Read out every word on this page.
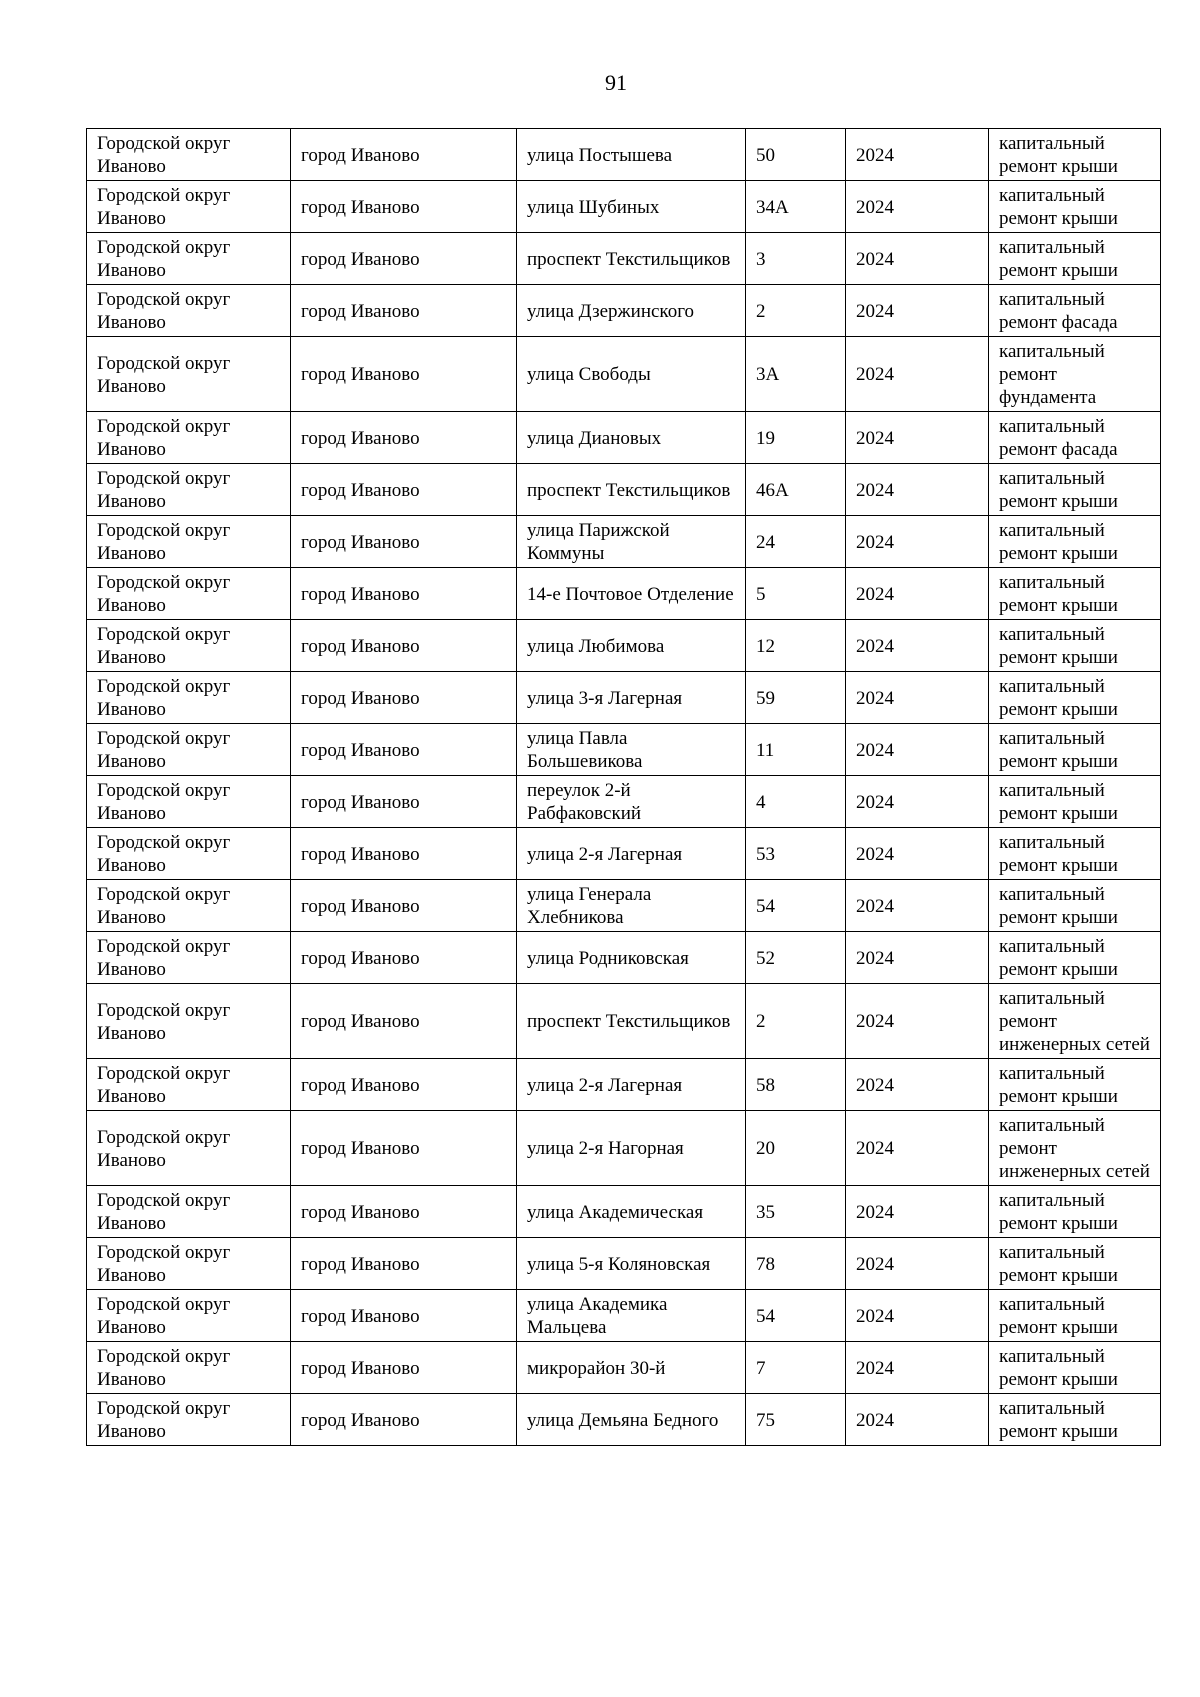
91
Городской округ Иваново	город Иваново	улица Постышева	50	2024	капитальный ремонт крыши
Городской округ Иваново	город Иваново	улица Шубиных	34А	2024	капитальный ремонт крыши
Городской округ Иваново	город Иваново	проспект Текстильщиков	3	2024	капитальный ремонт крыши
Городской округ Иваново	город Иваново	улица Дзержинского	2	2024	капитальный ремонт фасада
Городской округ Иваново	город Иваново	улица Свободы	3А	2024	капитальный ремонт фундамента
Городской округ Иваново	город Иваново	улица Диановых	19	2024	капитальный ремонт фасада
Городской округ Иваново	город Иваново	проспект Текстильщиков	46А	2024	капитальный ремонт крыши
Городской округ Иваново	город Иваново	улица Парижской Коммуны	24	2024	капитальный ремонт крыши
Городской округ Иваново	город Иваново	14-е Почтовое Отделение	5	2024	капитальный ремонт крыши
Городской округ Иваново	город Иваново	улица Любимова	12	2024	капитальный ремонт крыши
Городской округ Иваново	город Иваново	улица 3-я Лагерная	59	2024	капитальный ремонт крыши
Городской округ Иваново	город Иваново	улица Павла Большевикова	11	2024	капитальный ремонт крыши
Городской округ Иваново	город Иваново	переулок 2-й Рабфаковский	4	2024	капитальный ремонт крыши
Городской округ Иваново	город Иваново	улица 2-я Лагерная	53	2024	капитальный ремонт крыши
Городской округ Иваново	город Иваново	улица Генерала Хлебникова	54	2024	капитальный ремонт крыши
Городской округ Иваново	город Иваново	улица Родниковская	52	2024	капитальный ремонт крыши
Городской округ Иваново	город Иваново	проспект Текстильщиков	2	2024	капитальный ремонт инженерных сетей
Городской округ Иваново	город Иваново	улица 2-я Лагерная	58	2024	капитальный ремонт крыши
Городской округ Иваново	город Иваново	улица 2-я Нагорная	20	2024	капитальный ремонт инженерных сетей
Городской округ Иваново	город Иваново	улица Академическая	35	2024	капитальный ремонт крыши
Городской округ Иваново	город Иваново	улица 5-я Коляновская	78	2024	капитальный ремонт крыши
Городской округ Иваново	город Иваново	улица Академика Мальцева	54	2024	капитальный ремонт крыши
Городской округ Иваново	город Иваново	микрорайон 30-й	7	2024	капитальный ремонт крыши
Городской округ Иваново	город Иваново	улица Демьяна Бедного	75	2024	капитальный ремонт крыши
